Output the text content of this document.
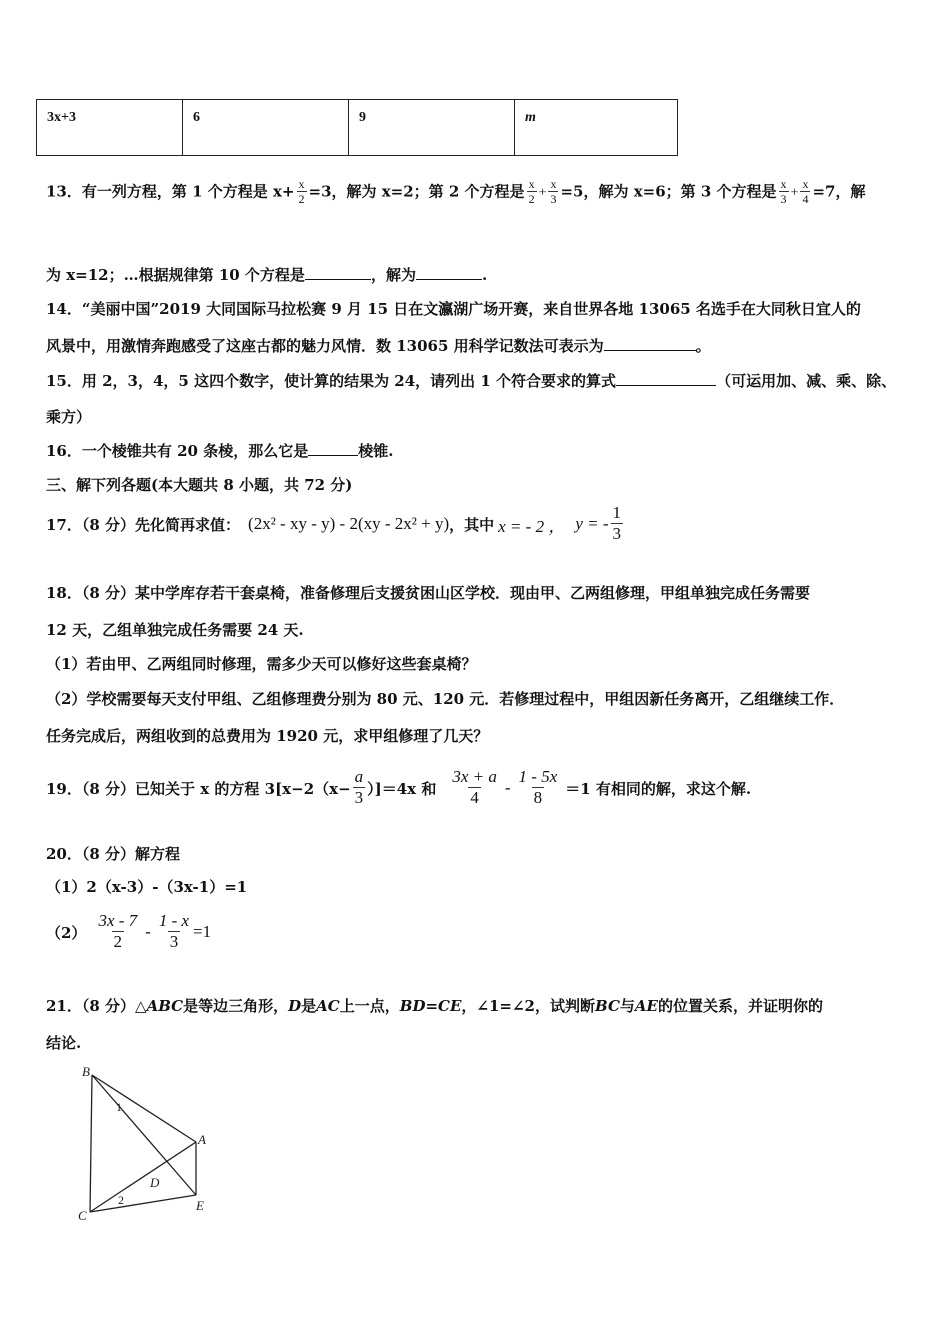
3x+3	6	9	m
13．有一列方程，第 1 个方程是 $x+ \frac{x}{2} =3$，解为 x=2；第 2 个方程是 $\frac{x}{2} + \frac{x}{3} =5$，解为 x=6；第 3 个方程是 $\frac{x}{3} + \frac{x}{4} =7$，解
为 x=12；…根据规律第 10 个方程是	，解为	.
14．“美丽中国”2019 大同国际马拉松赛 9 月 15 日在文瀛湖广场开赛，来自世界各地 13065 名选手在大同秋日宜人的
风景中，用激情奔跑感受了这座古都的魅力风情．数 13065 用科学记数法可表示为	。
15．用 2，3，4，5 这四个数字，使计算的结果为 24，请列出 1 个符合要求的算式	（可运用加、减、乘、除、
乘方）
16．一个棱锥共有 20 条棱，那么它是	棱锥.
三、解下列各题(本大题共 8 小题，共 72 分)
17．（8 分）先化简再求值： (2x² - xy - y) - 2(xy - 2x² + y) ，其中 x = - 2 ， y = - $\frac{1}{3}$
18．（8 分）某中学库存若干套桌椅，准备修理后支援贫困山区学校．现由甲、乙两组修理，甲组单独完成任务需要
12 天，乙组单独完成任务需要 24 天.
（1）若由甲、乙两组同时修理，需多少天可以修好这些套桌椅？
（2）学校需要每天支付甲组、乙组修理费分别为 80 元、120 元．若修理过程中，甲组因新任务离开，乙组继续工作．
任务完成后，两组收到的总费用为 1920 元，求甲组修理了几天？
19．（8 分）已知关于 x 的方程 $3[x-2(x- \frac{a}{3} )]=4x$ 和 $\frac{3x + a}{4} - \frac{1 - 5x}{8} =1$ 有相同的解，求这个解.
20．（8 分）解方程
（1）2（x-3）-（3x-1）=1
$(2) \frac{3x - 7}{2} - \frac{1 - x}{3} =1$
21．（8 分）△ABC是等边三角形，D是AC上一点，BD=CE，∠1=∠2，试判断BC与AE的位置关系，并证明你的
结论.
B
A
D
C
E
1
2
